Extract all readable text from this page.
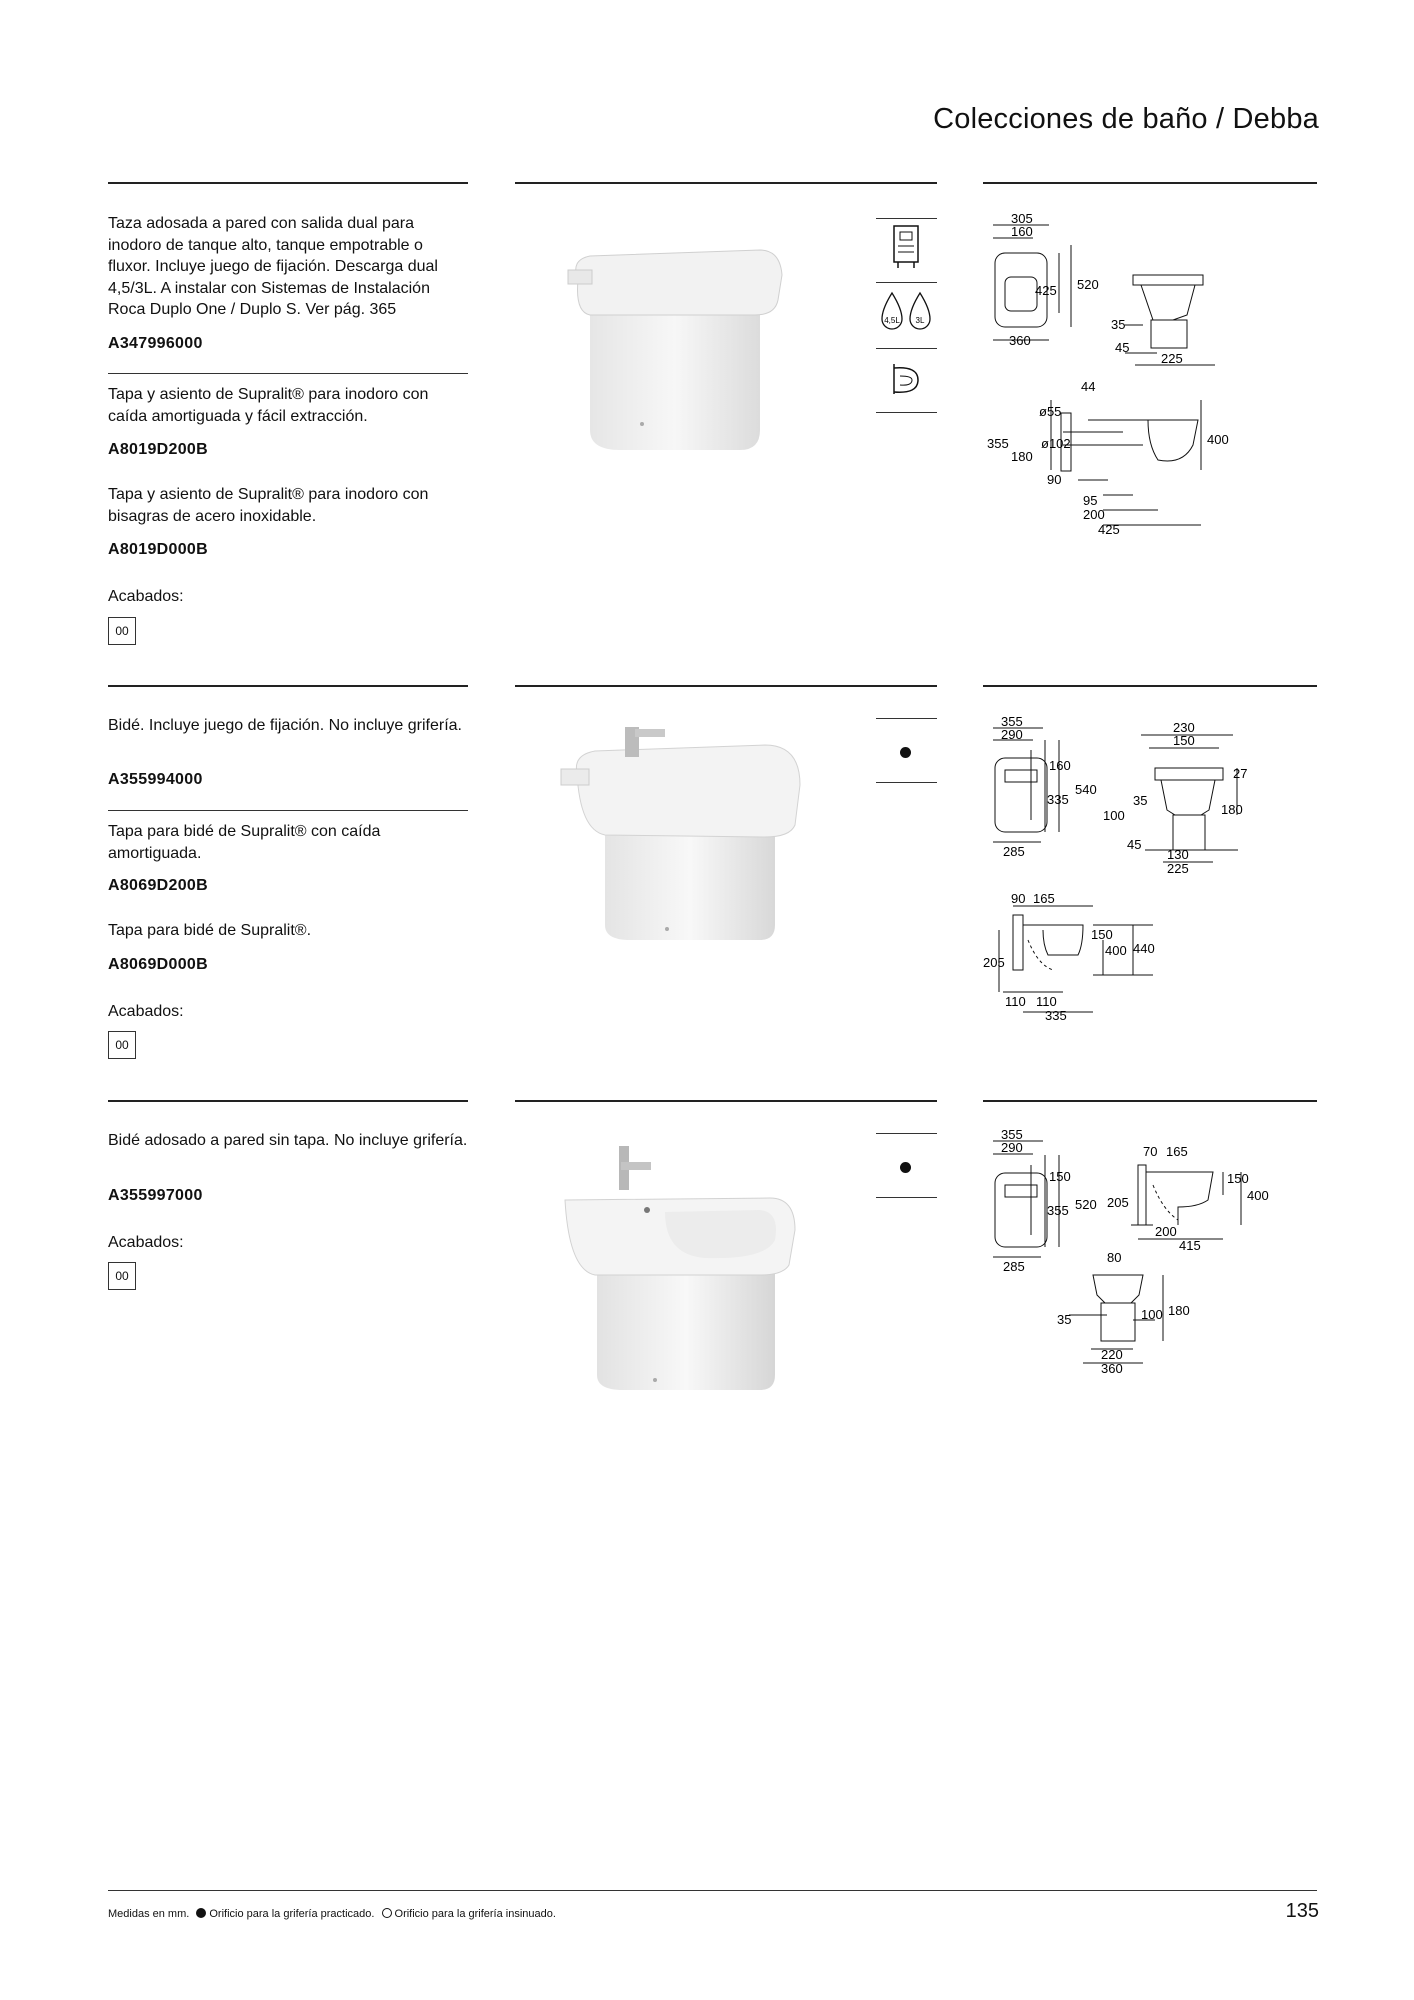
Colecciones de baño / Debba
Taza adosada a pared con salida dual para inodoro de tanque alto, tanque empotrable o fluxor. Incluye juego de fijación. Descarga dual 4,5/3L. A instalar con Sistemas de Instalación Roca Duplo One / Duplo S. Ver pág. 365
A347996000
Tapa y asiento de Supralit® para inodoro con caída amortiguada y fácil extracción.
A8019D200B
Tapa y asiento de Supralit® para inodoro con bisagras de acero inoxidable.
A8019D000B
Acabados:
00
4,5L 3L
305
160
425 520
360
35
45
225
44
ø55
355 ø102
180
400
90
95
200
425
Bidé. Incluye juego de fijación. No incluye grifería.
A355994000
Tapa para bidé de Supralit® con caída amortiguada.
A8069D200B
Tapa para bidé de Supralit®.
A8069D000B
Acabados:
00
355
290
160
335
540
285
230
150
27
35
100	180
45
130
225
90 165
150
400 440
205
110 110
335
Bidé adosado a pared sin tapa. No incluye grifería.
A355997000
Acabados:
00
355
290
150
355 520
285
70 165
150
400
205
200
415
80
35	100 180
220
360
Medidas en mm. Orificio para la grifería practicado. Orificio para la grifería insinuado.	135
